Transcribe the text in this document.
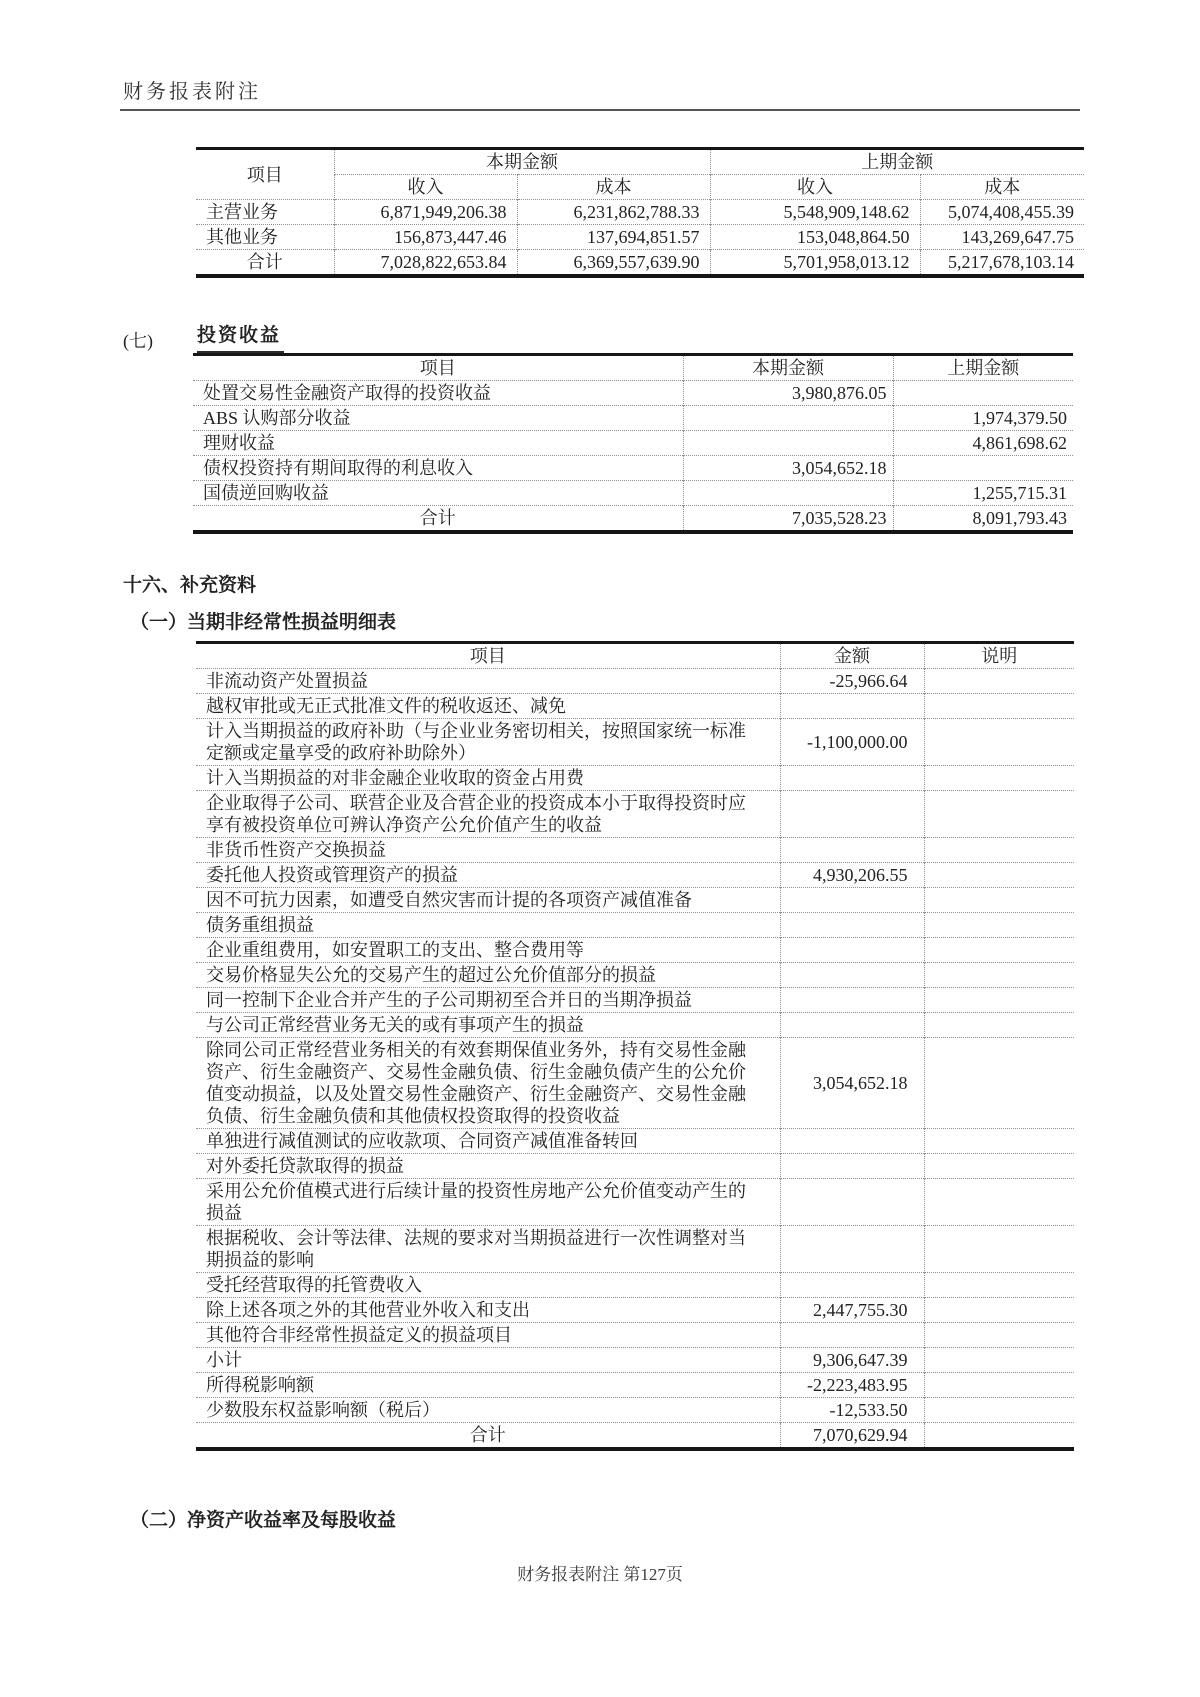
财务报表附注
项目	本期金额		上期金额	
	收入	成本	收入	成本
主营业务	6,871,949,206.38	6,231,862,788.33	5,548,909,148.62	5,074,408,455.39
其他业务	156,873,447.46	137,694,851.57	153,048,864.50	143,269,647.75
合计	7,028,822,653.84	6,369,557,639.90	5,701,958,013.12	5,217,678,103.14
(七)	投资收益
项目	本期金额	上期金额
处置交易性金融资产取得的投资收益	3,980,876.05	
ABS 认购部分收益		1,974,379.50
理财收益		4,861,698.62
债权投资持有期间取得的利息收入	3,054,652.18	
国债逆回购收益		1,255,715.31
合计	7,035,528.23	8,091,793.43
十六、补充资料
（一）当期非经常性损益明细表
项目	金额	说明
非流动资产处置损益	-25,966.64	
越权审批或无正式批准文件的税收返还、减免		
计入当期损益的政府补助（与企业业务密切相关，按照国家统一标准定额或定量享受的政府补助除外）	-1,100,000.00	
计入当期损益的对非金融企业收取的资金占用费		
企业取得子公司、联营企业及合营企业的投资成本小于取得投资时应享有被投资单位可辨认净资产公允价值产生的收益		
非货币性资产交换损益		
委托他人投资或管理资产的损益	4,930,206.55	
因不可抗力因素，如遭受自然灾害而计提的各项资产减值准备		
债务重组损益		
企业重组费用，如安置职工的支出、整合费用等		
交易价格显失公允的交易产生的超过公允价值部分的损益		
同一控制下企业合并产生的子公司期初至合并日的当期净损益		
与公司正常经营业务无关的或有事项产生的损益		
除同公司正常经营业务相关的有效套期保值业务外，持有交易性金融资产、衍生金融资产、交易性金融负债、衍生金融负债产生的公允价值变动损益，以及处置交易性金融资产、衍生金融资产、交易性金融负债、衍生金融负债和其他债权投资取得的投资收益	3,054,652.18	
单独进行减值测试的应收款项、合同资产减值准备转回		
对外委托贷款取得的损益		
采用公允价值模式进行后续计量的投资性房地产公允价值变动产生的损益		
根据税收、会计等法律、法规的要求对当期损益进行一次性调整对当期损益的影响		
受托经营取得的托管费收入		
除上述各项之外的其他营业外收入和支出	2,447,755.30	
其他符合非经常性损益定义的损益项目		
小计	9,306,647.39	
所得税影响额	-2,223,483.95	
少数股东权益影响额（税后）	-12,533.50	
合计	7,070,629.94	
（二）净资产收益率及每股收益
财务报表附注 第127页
